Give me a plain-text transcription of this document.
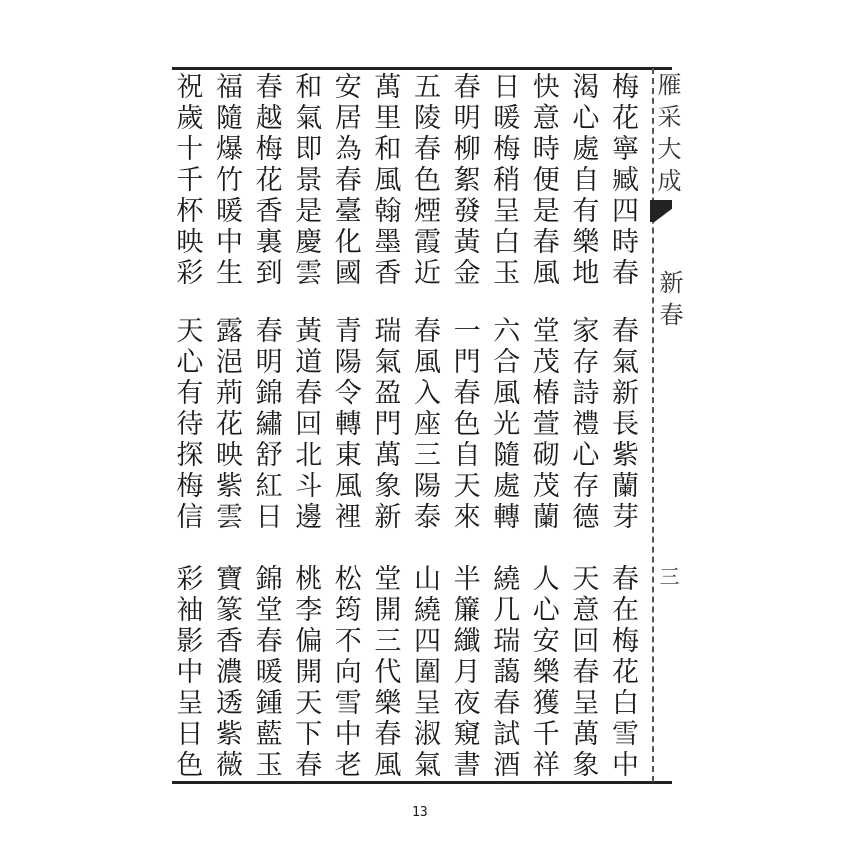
雁采大成
新春
三
梅花寧臧四時春
渴心處自有樂地
快意時便是春風
日暖梅稍呈白玉
春明柳絮發黃金
五陵春色煙霞近
萬里和風翰墨香
安居為春臺化國
和氣即景是慶雲
春越梅花香裏到
福隨爆竹暖中生
祝歲十千杯映彩
春氣新長紫蘭芽
家存詩禮心存德
堂茂椿萱砌茂蘭
六合風光隨處轉
一門春色自天來
春風入座三陽泰
瑞氣盈門萬象新
青陽令轉東風裡
黃道春回北斗邊
春明錦繡舒紅日
露浥荊花映紫雲
天心有待探梅信
春在梅花白雪中
天意回春呈萬象
人心安樂獲千祥
繞几瑞藹春試酒
半簾纖月夜窺書
山繞四圍呈淑氣
堂開三代樂春風
松筠不向雪中老
桃李偏開天下春
錦堂春暖鍾藍玉
寶篆香濃透紫薇
彩袖影中呈日色
13
